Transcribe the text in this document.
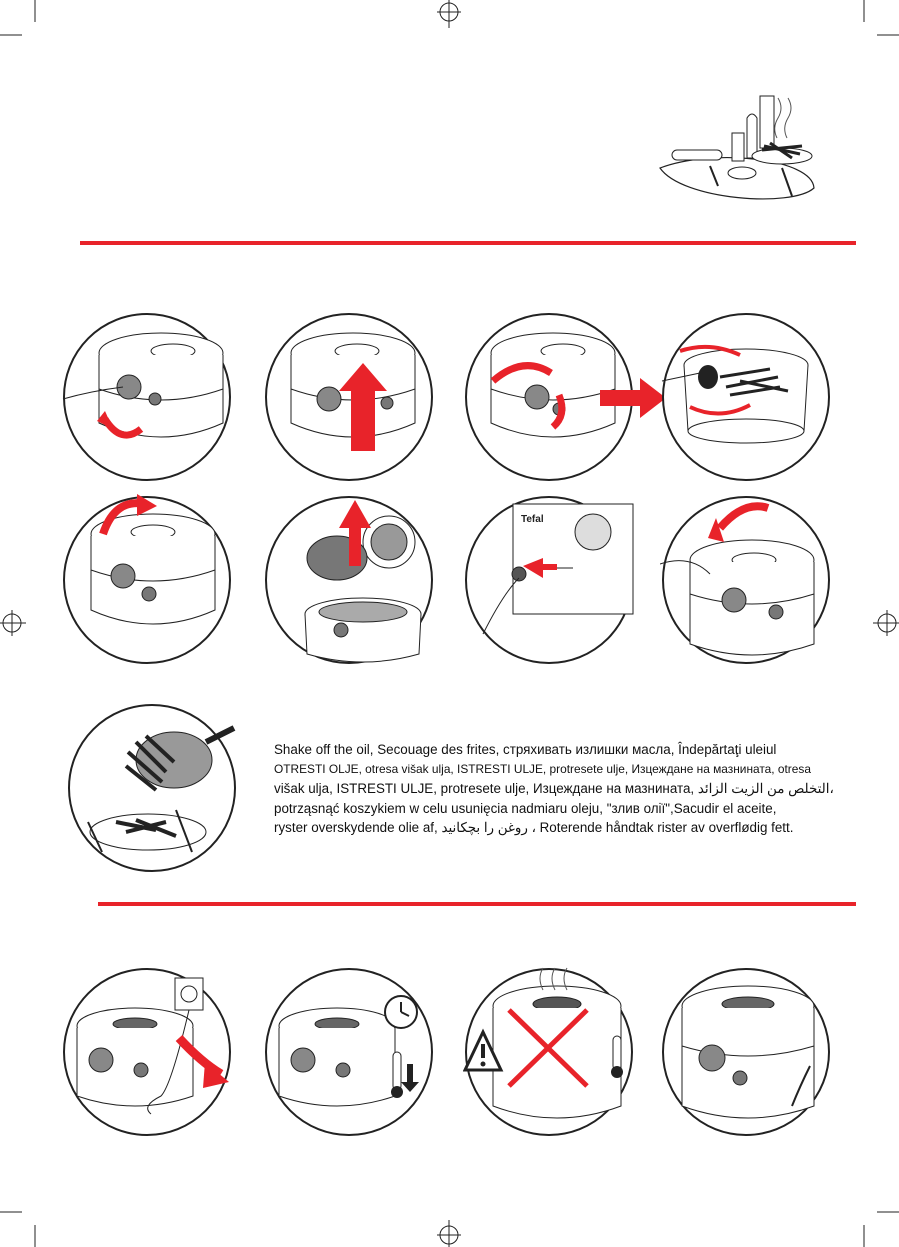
Tefal
Shake off the oil, Secouage des frites, стряхивать излишки масла, Îndepărtaţi uleiul
OTRESTI OLJE, otresa višak ulja, ISTRESTI ULJE, protresete ulje, Изцеждане на мазнината, otresa
višak ulja, ISTRESTI ULJE, protresete ulje, Изцеждане на мазнината, التخلص من الزيت الزائد،
potrząsnąć koszykiem w celu usunięcia nadmiaru oleju, "злив олії",Sacudir el aceite,
ryster overskydende olie af, روغن را بچکانید ، Roterende håndtak rister av overflødig fett.
